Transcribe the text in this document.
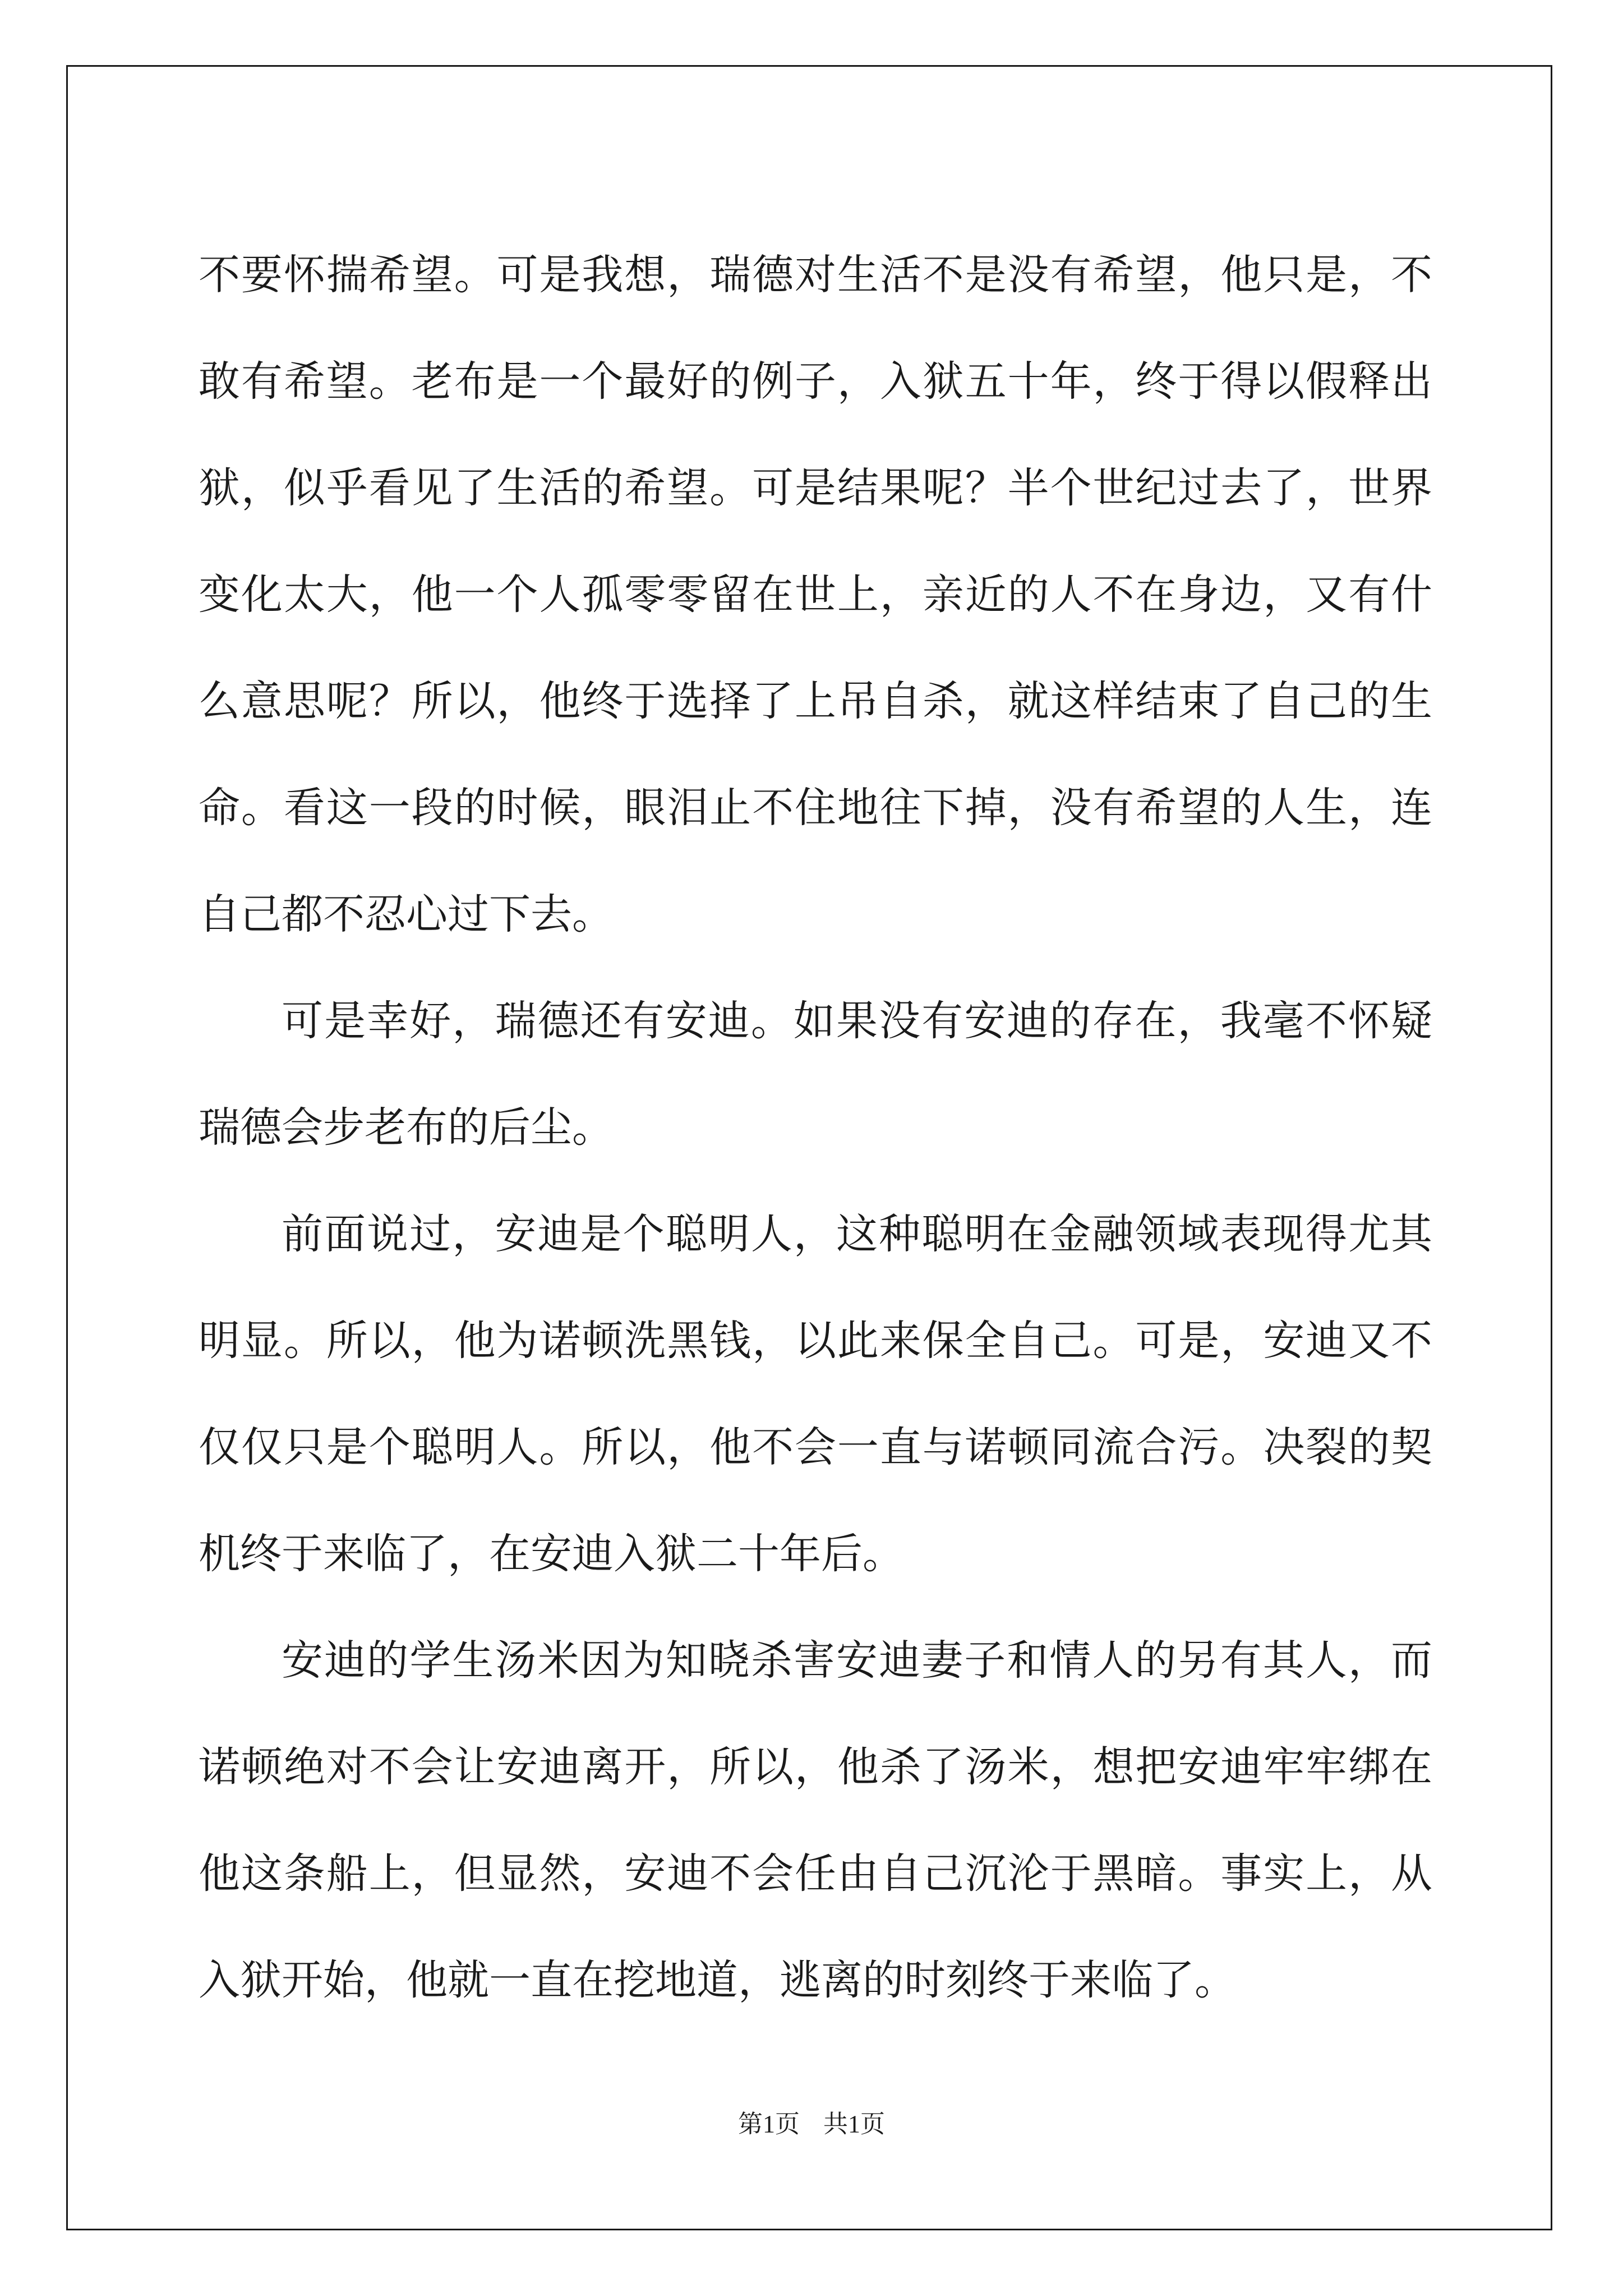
不要怀揣希望。可是我想，瑞德对生活不是没有希望，他只是，不敢有希望。老布是一个最好的例子，入狱五十年，终于得以假释出狱，似乎看见了生活的希望。可是结果呢？半个世纪过去了，世界变化太大，他一个人孤零零留在世上，亲近的人不在身边，又有什么意思呢？所以，他终于选择了上吊自杀，就这样结束了自己的生命。看这一段的时候，眼泪止不住地往下掉，没有希望的人生，连自己都不忍心过下去。

可是幸好，瑞德还有安迪。如果没有安迪的存在，我毫不怀疑瑞德会步老布的后尘。

前面说过，安迪是个聪明人，这种聪明在金融领域表现得尤其明显。所以，他为诺顿洗黑钱，以此来保全自己。可是，安迪又不仅仅只是个聪明人。所以，他不会一直与诺顿同流合污。决裂的契机终于来临了，在安迪入狱二十年后。

安迪的学生汤米因为知晓杀害安迪妻子和情人的另有其人，而诺顿绝对不会让安迪离开，所以，他杀了汤米，想把安迪牢牢绑在他这条船上，但显然，安迪不会任由自己沉沦于黑暗。事实上，从入狱开始，他就一直在挖地道，逃离的时刻终于来临了。

第1页 共1页
